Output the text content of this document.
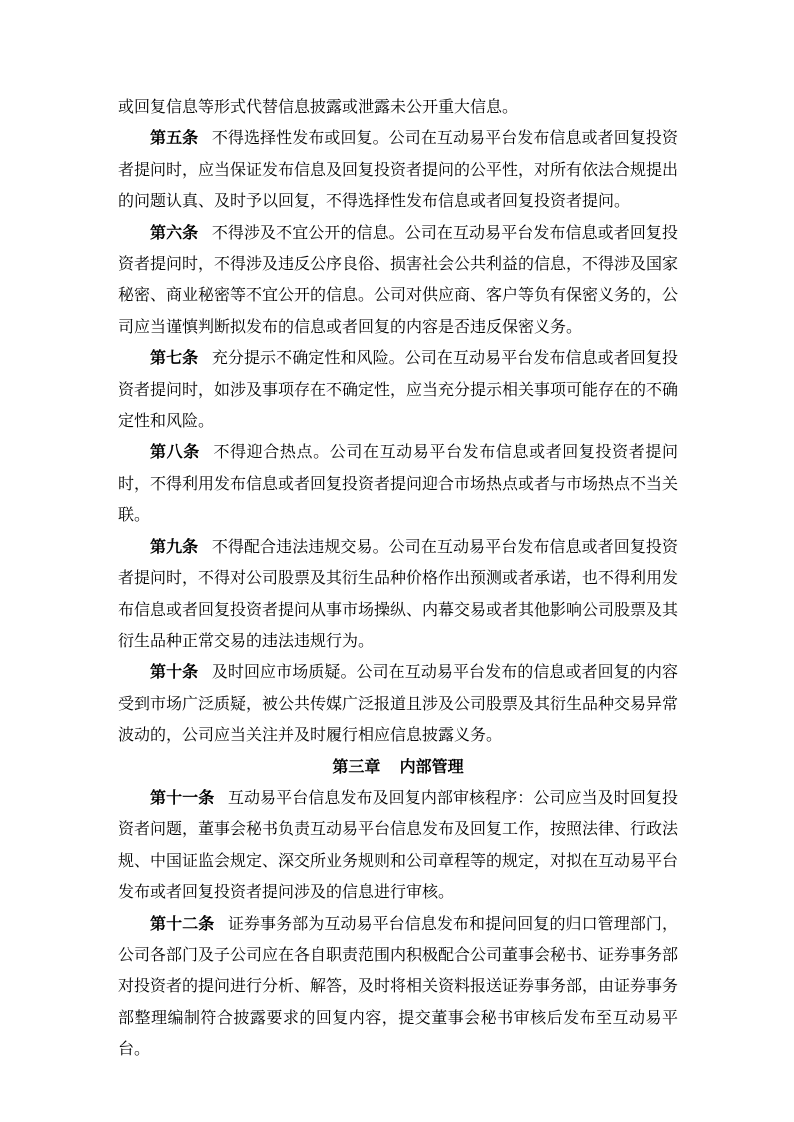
或回复信息等形式代替信息披露或泄露未公开重大信息。

第五条 不得选择性发布或回复。公司在互动易平台发布信息或者回复投资者提问时，应当保证发布信息及回复投资者提问的公平性，对所有依法合规提出的问题认真、及时予以回复，不得选择性发布信息或者回复投资者提问。

第六条 不得涉及不宜公开的信息。公司在互动易平台发布信息或者回复投资者提问时，不得涉及违反公序良俗、损害社会公共利益的信息，不得涉及国家秘密、商业秘密等不宜公开的信息。公司对供应商、客户等负有保密义务的，公司应当谨慎判断拟发布的信息或者回复的内容是否违反保密义务。

第七条 充分提示不确定性和风险。公司在互动易平台发布信息或者回复投资者提问时，如涉及事项存在不确定性，应当充分提示相关事项可能存在的不确定性和风险。

第八条 不得迎合热点。公司在互动易平台发布信息或者回复投资者提问时，不得利用发布信息或者回复投资者提问迎合市场热点或者与市场热点不当关联。

第九条 不得配合违法违规交易。公司在互动易平台发布信息或者回复投资者提问时，不得对公司股票及其衍生品种价格作出预测或者承诺，也不得利用发布信息或者回复投资者提问从事市场操纵、内幕交易或者其他影响公司股票及其衍生品种正常交易的违法违规行为。

第十条 及时回应市场质疑。公司在互动易平台发布的信息或者回复的内容受到市场广泛质疑，被公共传媒广泛报道且涉及公司股票及其衍生品种交易异常波动的，公司应当关注并及时履行相应信息披露义务。

第三章 内部管理

第十一条 互动易平台信息发布及回复内部审核程序：公司应当及时回复投资者问题，董事会秘书负责互动易平台信息发布及回复工作，按照法律、行政法规、中国证监会规定、深交所业务规则和公司章程等的规定，对拟在互动易平台发布或者回复投资者提问涉及的信息进行审核。

第十二条 证券事务部为互动易平台信息发布和提问回复的归口管理部门，公司各部门及子公司应在各自职责范围内积极配合公司董事会秘书、证券事务部对投资者的提问进行分析、解答，及时将相关资料报送证券事务部，由证券事务部整理编制符合披露要求的回复内容，提交董事会秘书审核后发布至互动易平台。
